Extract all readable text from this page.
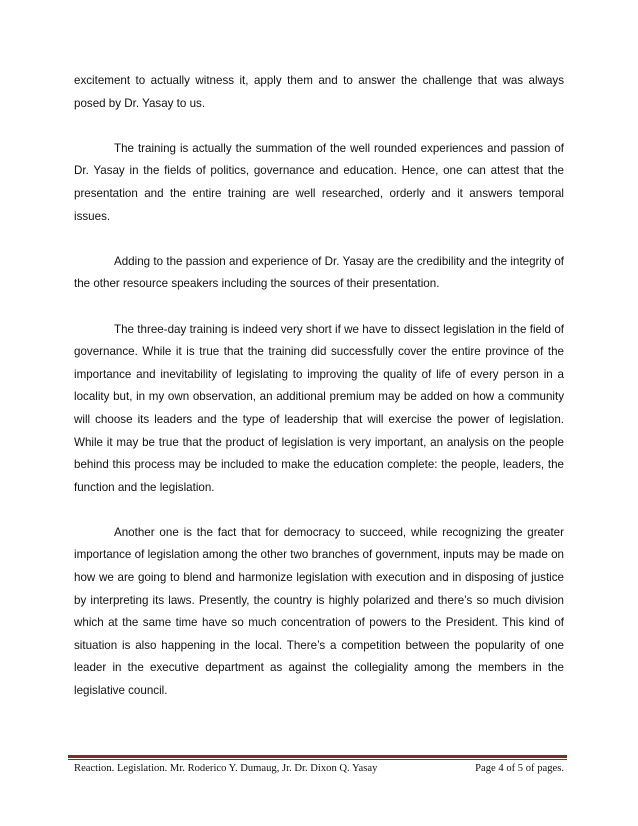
excitement to actually witness it, apply them and to answer the challenge that was always posed by Dr. Yasay to us.

The training is actually the summation of the well rounded experiences and passion of Dr. Yasay in the fields of politics, governance and education. Hence, one can attest that the presentation and the entire training are well researched, orderly and it answers temporal issues.

Adding to the passion and experience of Dr. Yasay are the credibility and the integrity of the other resource speakers including the sources of their presentation.

The three-day training is indeed very short if we have to dissect legislation in the field of governance. While it is true that the training did successfully cover the entire province of the importance and inevitability of legislating to improving the quality of life of every person in a locality but, in my own observation, an additional premium may be added on how a community will choose its leaders and the type of leadership that will exercise the power of legislation. While it may be true that the product of legislation is very important, an analysis on the people behind this process may be included to make the education complete: the people, leaders, the function and the legislation.

Another one is the fact that for democracy to succeed, while recognizing the greater importance of legislation among the other two branches of government, inputs may be made on how we are going to blend and harmonize legislation with execution and in disposing of justice by interpreting its laws. Presently, the country is highly polarized and there’s so much division which at the same time have so much concentration of powers to the President. This kind of situation is also happening in the local. There’s a competition between the popularity of one leader in the executive department as against the collegiality among the members in the legislative council.

Reaction. Legislation. Mr. Roderico Y. Dumaug, Jr. Dr. Dixon Q. Yasay	Page 4 of 5 of pages.
